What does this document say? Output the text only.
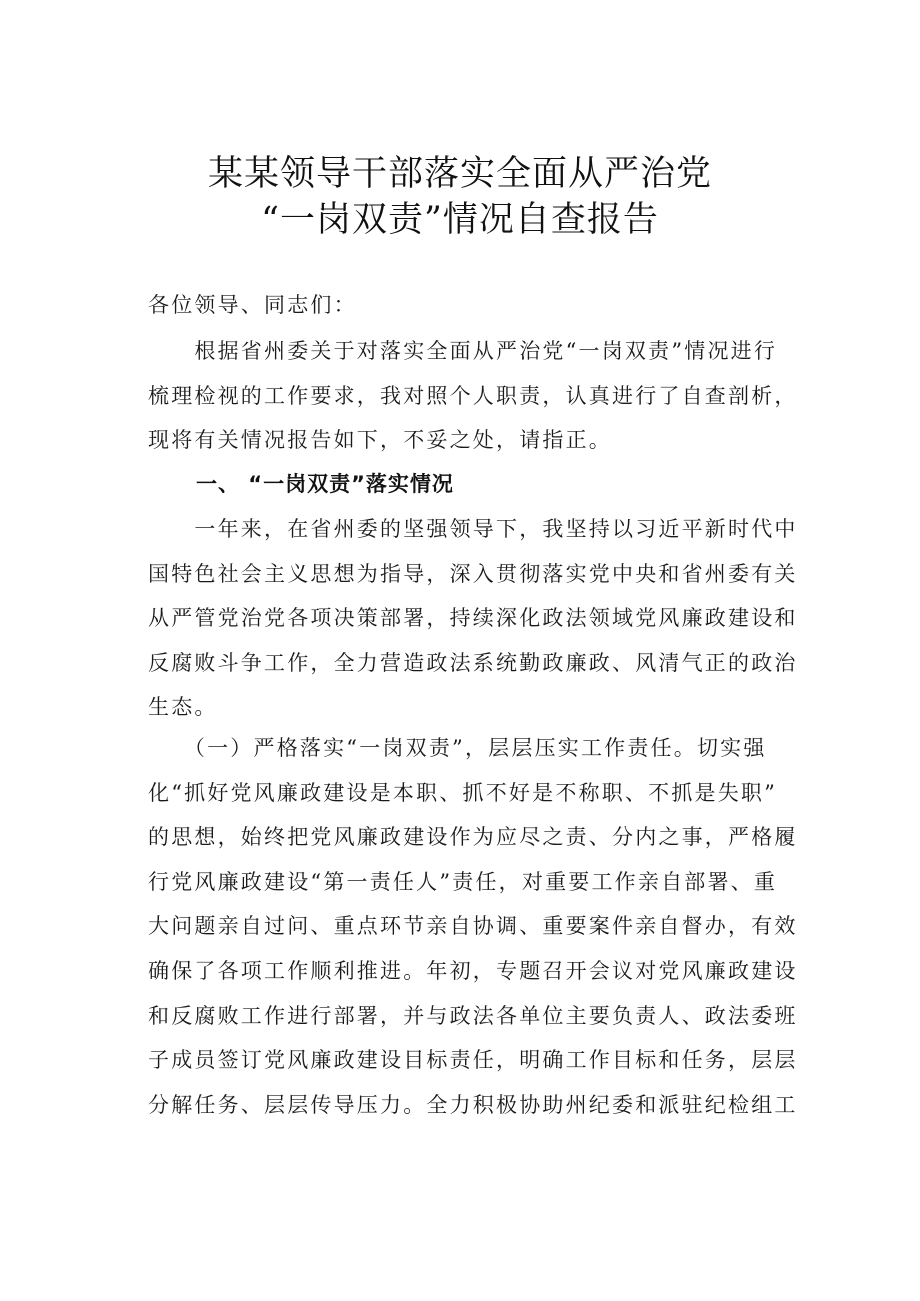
某某领导干部落实全面从严治党
“一岗双责”情况自查报告
各位领导、同志们：
　　根据省州委关于对落实全面从严治党“一岗双责”情况进行
梳理检视的工作要求，我对照个人职责，认真进行了自查剖析，
现将有关情况报告如下，不妥之处，请指正。
一、 “一岗双责”落实情况
　　一年来，在省州委的坚强领导下，我坚持以习近平新时代中
国特色社会主义思想为指导，深入贯彻落实党中央和省州委有关
从严管党治党各项决策部署，持续深化政法领域党风廉政建设和
反腐败斗争工作，全力营造政法系统勤政廉政、风清气正的政治
生态。
　　（一）严格落实“一岗双责”，层层压实工作责任。切实强
化“抓好党风廉政建设是本职、抓不好是不称职、不抓是失职”
的思想，始终把党风廉政建设作为应尽之责、分内之事，严格履
行党风廉政建设“第一责任人”责任，对重要工作亲自部署、重
大问题亲自过问、重点环节亲自协调、重要案件亲自督办，有效
确保了各项工作顺利推进。年初，专题召开会议对党风廉政建设
和反腐败工作进行部署，并与政法各单位主要负责人、政法委班
子成员签订党风廉政建设目标责任，明确工作目标和任务，层层
分解任务、层层传导压力。全力积极协助州纪委和派驻纪检组工
